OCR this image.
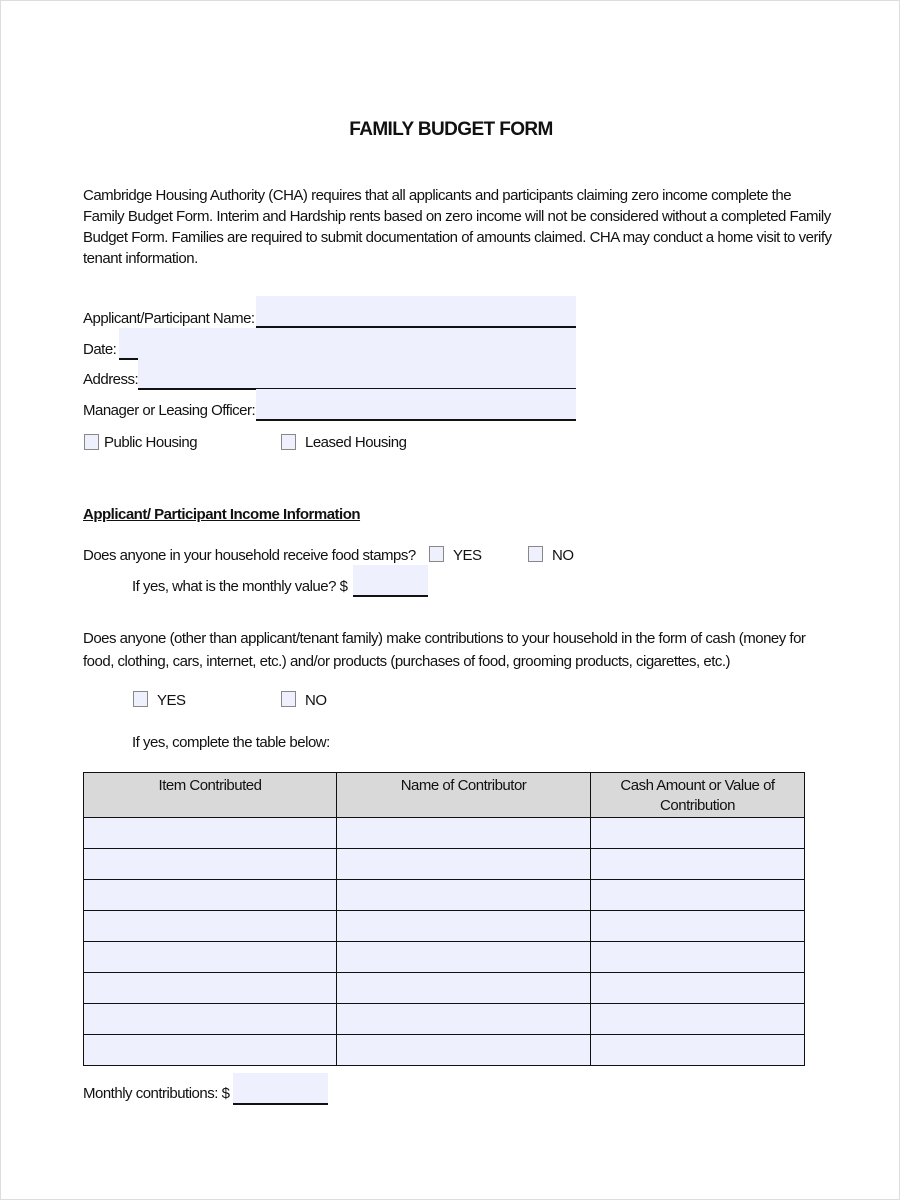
FAMILY BUDGET FORM
Cambridge Housing Authority (CHA) requires that all applicants and participants claiming zero income complete the Family Budget Form. Interim and Hardship rents based on zero income will not be considered without a completed Family Budget Form. Families are required to submit documentation of amounts claimed. CHA may conduct a home visit to verify tenant information.
Applicant/Participant Name:
Date:
Address:
Manager or Leasing Officer:
Public Housing	Leased Housing
Applicant/ Participant Income Information
Does anyone in your household receive food stamps? YES	NO
If yes, what is the monthly value? $
Does anyone (other than applicant/tenant family) make contributions to your household in the form of cash (money for food, clothing, cars, internet, etc.) and/or products (purchases of food, grooming products, cigarettes, etc.)
YES	NO
If yes, complete the table below:
Item Contributed	Name of Contributor	Cash Amount or Value of Contribution

Monthly contributions: $
